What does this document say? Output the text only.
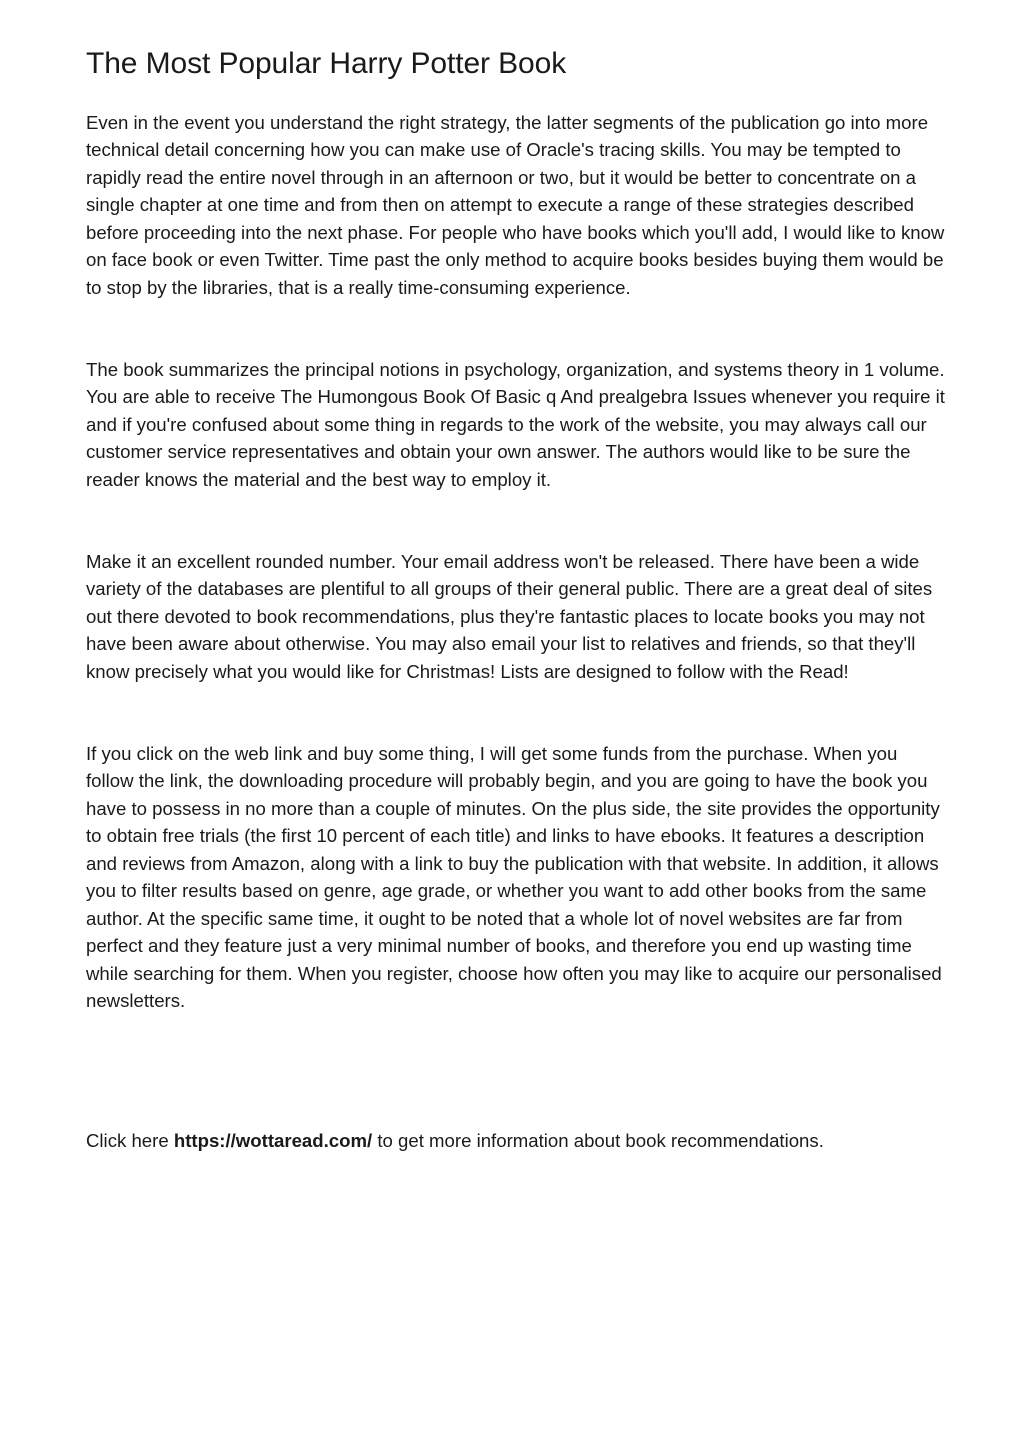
The Most Popular Harry Potter Book

Even in the event you understand the right strategy, the latter segments of the publication go into more technical detail concerning how you can make use of Oracle's tracing skills. You may be tempted to rapidly read the entire novel through in an afternoon or two, but it would be better to concentrate on a single chapter at one time and from then on attempt to execute a range of these strategies described before proceeding into the next phase. For people who have books which you'll add, I would like to know on face book or even Twitter. Time past the only method to acquire books besides buying them would be to stop by the libraries, that is a really time-consuming experience.

The book summarizes the principal notions in psychology, organization, and systems theory in 1 volume. You are able to receive The Humongous Book Of Basic q And prealgebra Issues whenever you require it and if you're confused about some thing in regards to the work of the website, you may always call our customer service representatives and obtain your own answer. The authors would like to be sure the reader knows the material and the best way to employ it.

Make it an excellent rounded number. Your email address won't be released. There have been a wide variety of the databases are plentiful to all groups of their general public. There are a great deal of sites out there devoted to book recommendations, plus they're fantastic places to locate books you may not have been aware about otherwise. You may also email your list to relatives and friends, so that they'll know precisely what you would like for Christmas! Lists are designed to follow with the Read!

If you click on the web link and buy some thing, I will get some funds from the purchase. When you follow the link, the downloading procedure will probably begin, and you are going to have the book you have to possess in no more than a couple of minutes. On the plus side, the site provides the opportunity to obtain free trials (the first 10 percent of each title) and links to have ebooks. It features a description and reviews from Amazon, along with a link to buy the publication with that website. In addition, it allows you to filter results based on genre, age grade, or whether you want to add other books from the same author. At the specific same time, it ought to be noted that a whole lot of novel websites are far from perfect and they feature just a very minimal number of books, and therefore you end up wasting time while searching for them. When you register, choose how often you may like to acquire our personalised newsletters.

Click here https://wottaread.com/ to get more information about book recommendations.
